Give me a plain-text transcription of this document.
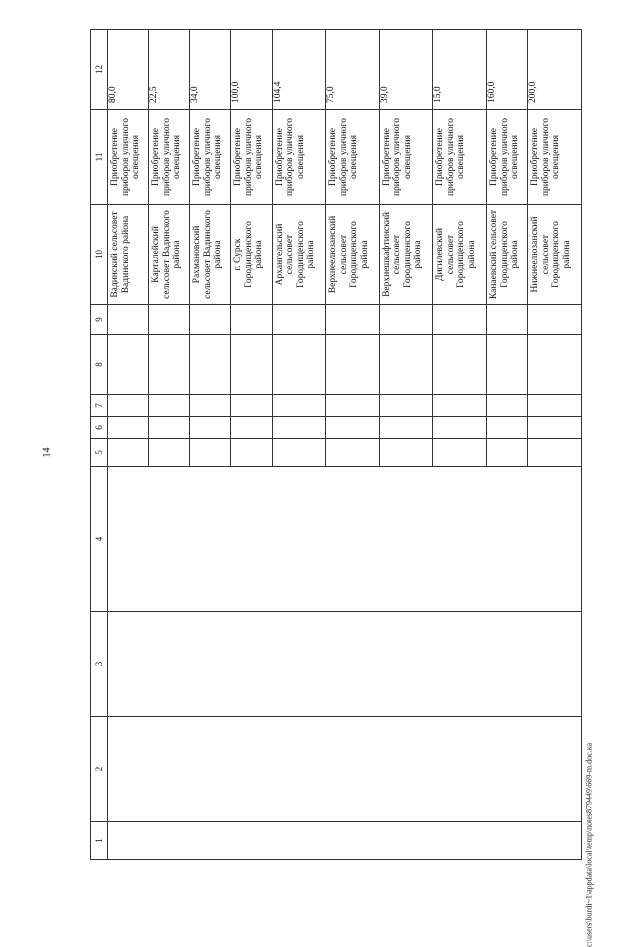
14
1	2	3	4	5	6	7	8	9	10	11	12
									Вадинский сельсовет Вадинского района	Приобретение приборов уличного освещения	80,0
									Карталейский сельсовет Вадинского района	Приобретение приборов уличного освещения	22,5
									Рахмановский сельсовет Вадинского района	Приобретение приборов уличного освещения	34,0
									г. Сурск Городищенского района	Приобретение приборов уличного освещения	100,0
									Архангельский сельсовет Городищенского района	Приобретение приборов уличного освещения	104,4
									Верхнеелюзанский сельсовет Городищенского района	Приобретение приборов уличного освещения	75,0
									Верхнешкафтинский сельсовет Городищенского района	Приобретение приборов уличного освещения	39,0
									Дигилевский сельсовет Городищенского района	Приобретение приборов уличного освещения	15,0
									Канаевский сельсовет Городищенского района	Приобретение приборов уличного освещения	160,0
									Нижнеелюзанский сельсовет Городищенского района	Приобретение приборов уличного освещения	200,0
c:\users\burdi~1\appdata\local\temp\notes879449\669-m.doc.ка
